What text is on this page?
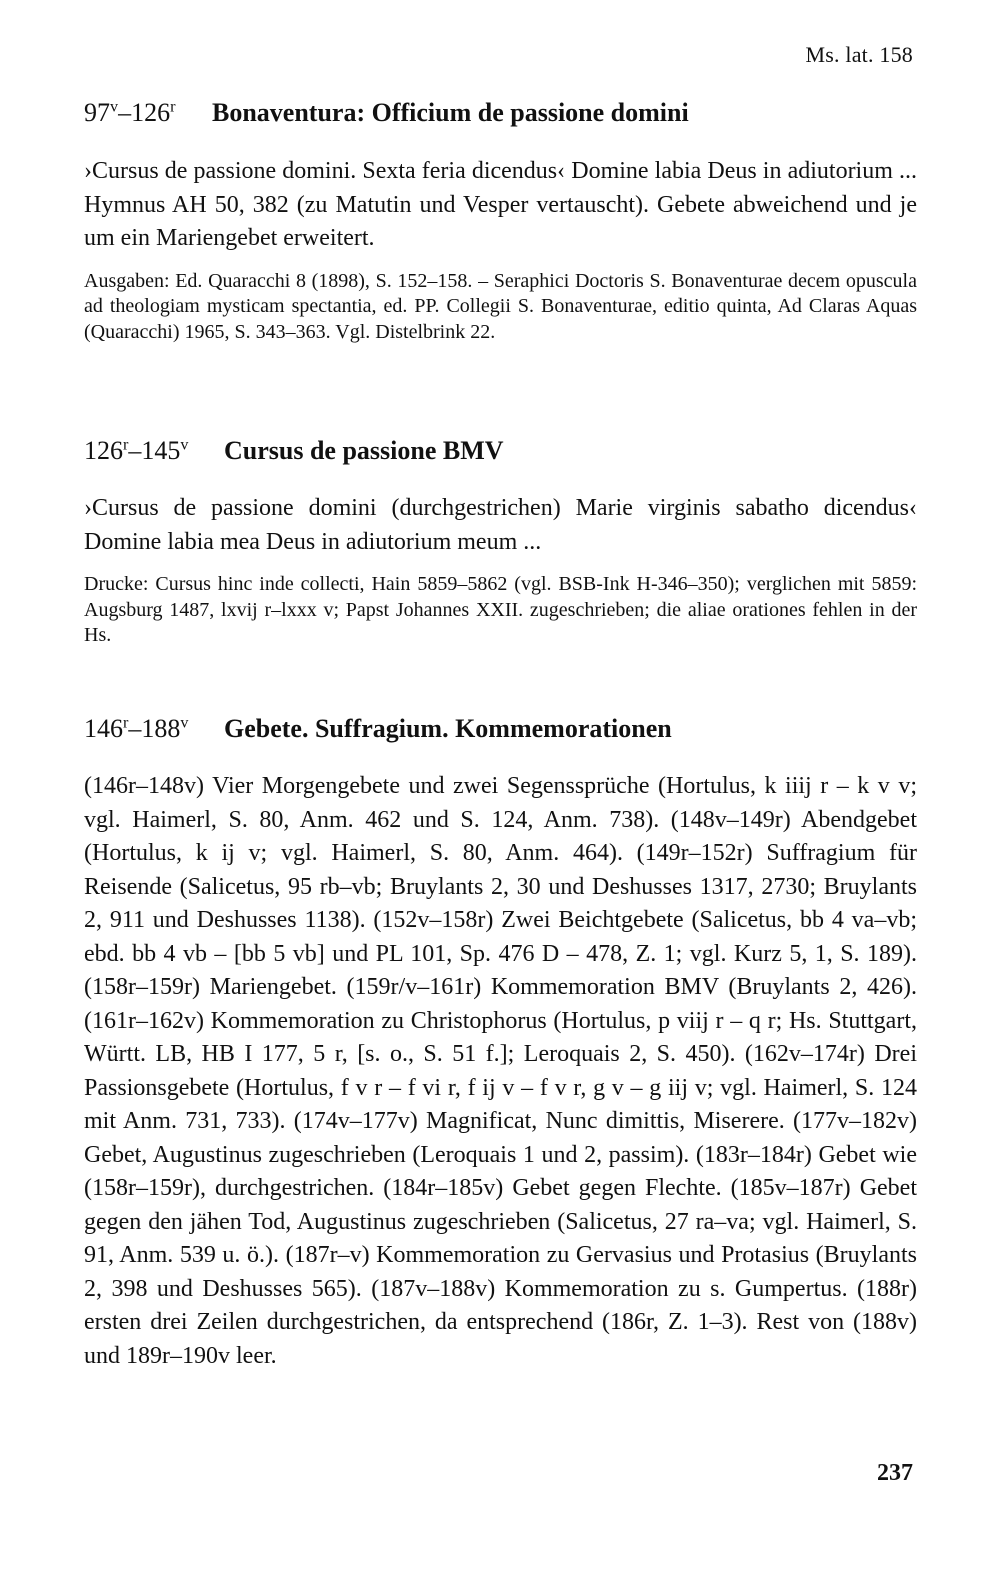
Ms. lat. 158
97$^v$–126$^r$ Bonaventura: Officium de passione domini
›Cursus de passione domini. Sexta feria dicendus‹ Domine labia Deus in adiutorium ... Hymnus AH 50, 382 (zu Matutin und Vesper vertauscht). Gebete abweichend und je um ein Mariengebet erweitert.
Ausgaben: Ed. Quaracchi 8 (1898), S. 152–158. – Seraphici Doctoris S. Bonaventurae decem opuscula ad theologiam mysticam spectantia, ed. PP. Collegii S. Bonaventurae, editio quinta, Ad Claras Aquas (Quaracchi) 1965, S. 343–363. Vgl. Distelbrink 22.
126$^r$–145$^v$ Cursus de passione BMV
›Cursus de passione domini (durchgestrichen) Marie virginis sabatho dicendus‹ Domine labia mea Deus in adiutorium meum ...
Drucke: Cursus hinc inde collecti, Hain 5859–5862 (vgl. BSB-Ink H-346–350); verglichen mit 5859: Augsburg 1487, lxvij r–lxxx v; Papst Johannes XXII. zugeschrieben; die aliae orationes fehlen in der Hs.
146$^r$–188$^v$ Gebete. Suffragium. Kommemorationen
(146r–148v) Vier Morgengebete und zwei Segenssprüche (Hortulus, k iiij r – k v v; vgl. Haimerl, S. 80, Anm. 462 und S. 124, Anm. 738). (148v–149r) Abendgebet (Hortulus, k ij v; vgl. Haimerl, S. 80, Anm. 464). (149r–152r) Suffragium für Reisende (Salicetus, 95 rb–vb; Bruylants 2, 30 und Deshusses 1317, 2730; Bruylants 2, 911 und Deshusses 1138). (152v–158r) Zwei Beichtgebete (Salicetus, bb 4 va–vb; ebd. bb 4 vb – [bb 5 vb] und PL 101, Sp. 476 D – 478, Z. 1; vgl. Kurz 5, 1, S. 189). (158r–159r) Mariengebet. (159r/v–161r) Kommemoration BMV (Bruylants 2, 426). (161r–162v) Kommemoration zu Christophorus (Hortulus, p viij r – q r; Hs. Stuttgart, Württ. LB, HB I 177, 5 r, [s. o., S. 51 f.]; Leroquais 2, S. 450). (162v–174r) Drei Passionsgebete (Hortulus, f v r – f vi r, f ij v – f v r, g v – g iij v; vgl. Haimerl, S. 124 mit Anm. 731, 733). (174v–177v) Magnificat, Nunc dimittis, Miserere. (177v–182v) Gebet, Augustinus zugeschrieben (Leroquais 1 und 2, passim). (183r–184r) Gebet wie (158r–159r), durchgestrichen. (184r–185v) Gebet gegen Flechte. (185v–187r) Gebet gegen den jähen Tod, Augustinus zugeschrieben (Salicetus, 27 ra–va; vgl. Haimerl, S. 91, Anm. 539 u. ö.). (187r–v) Kommemoration zu Gervasius und Protasius (Bruylants 2, 398 und Deshusses 565). (187v–188v) Kommemoration zu s. Gumpertus. (188r) ersten drei Zeilen durchgestrichen, da entsprechend (186r, Z. 1–3). Rest von (188v) und 189r–190v leer.
237
